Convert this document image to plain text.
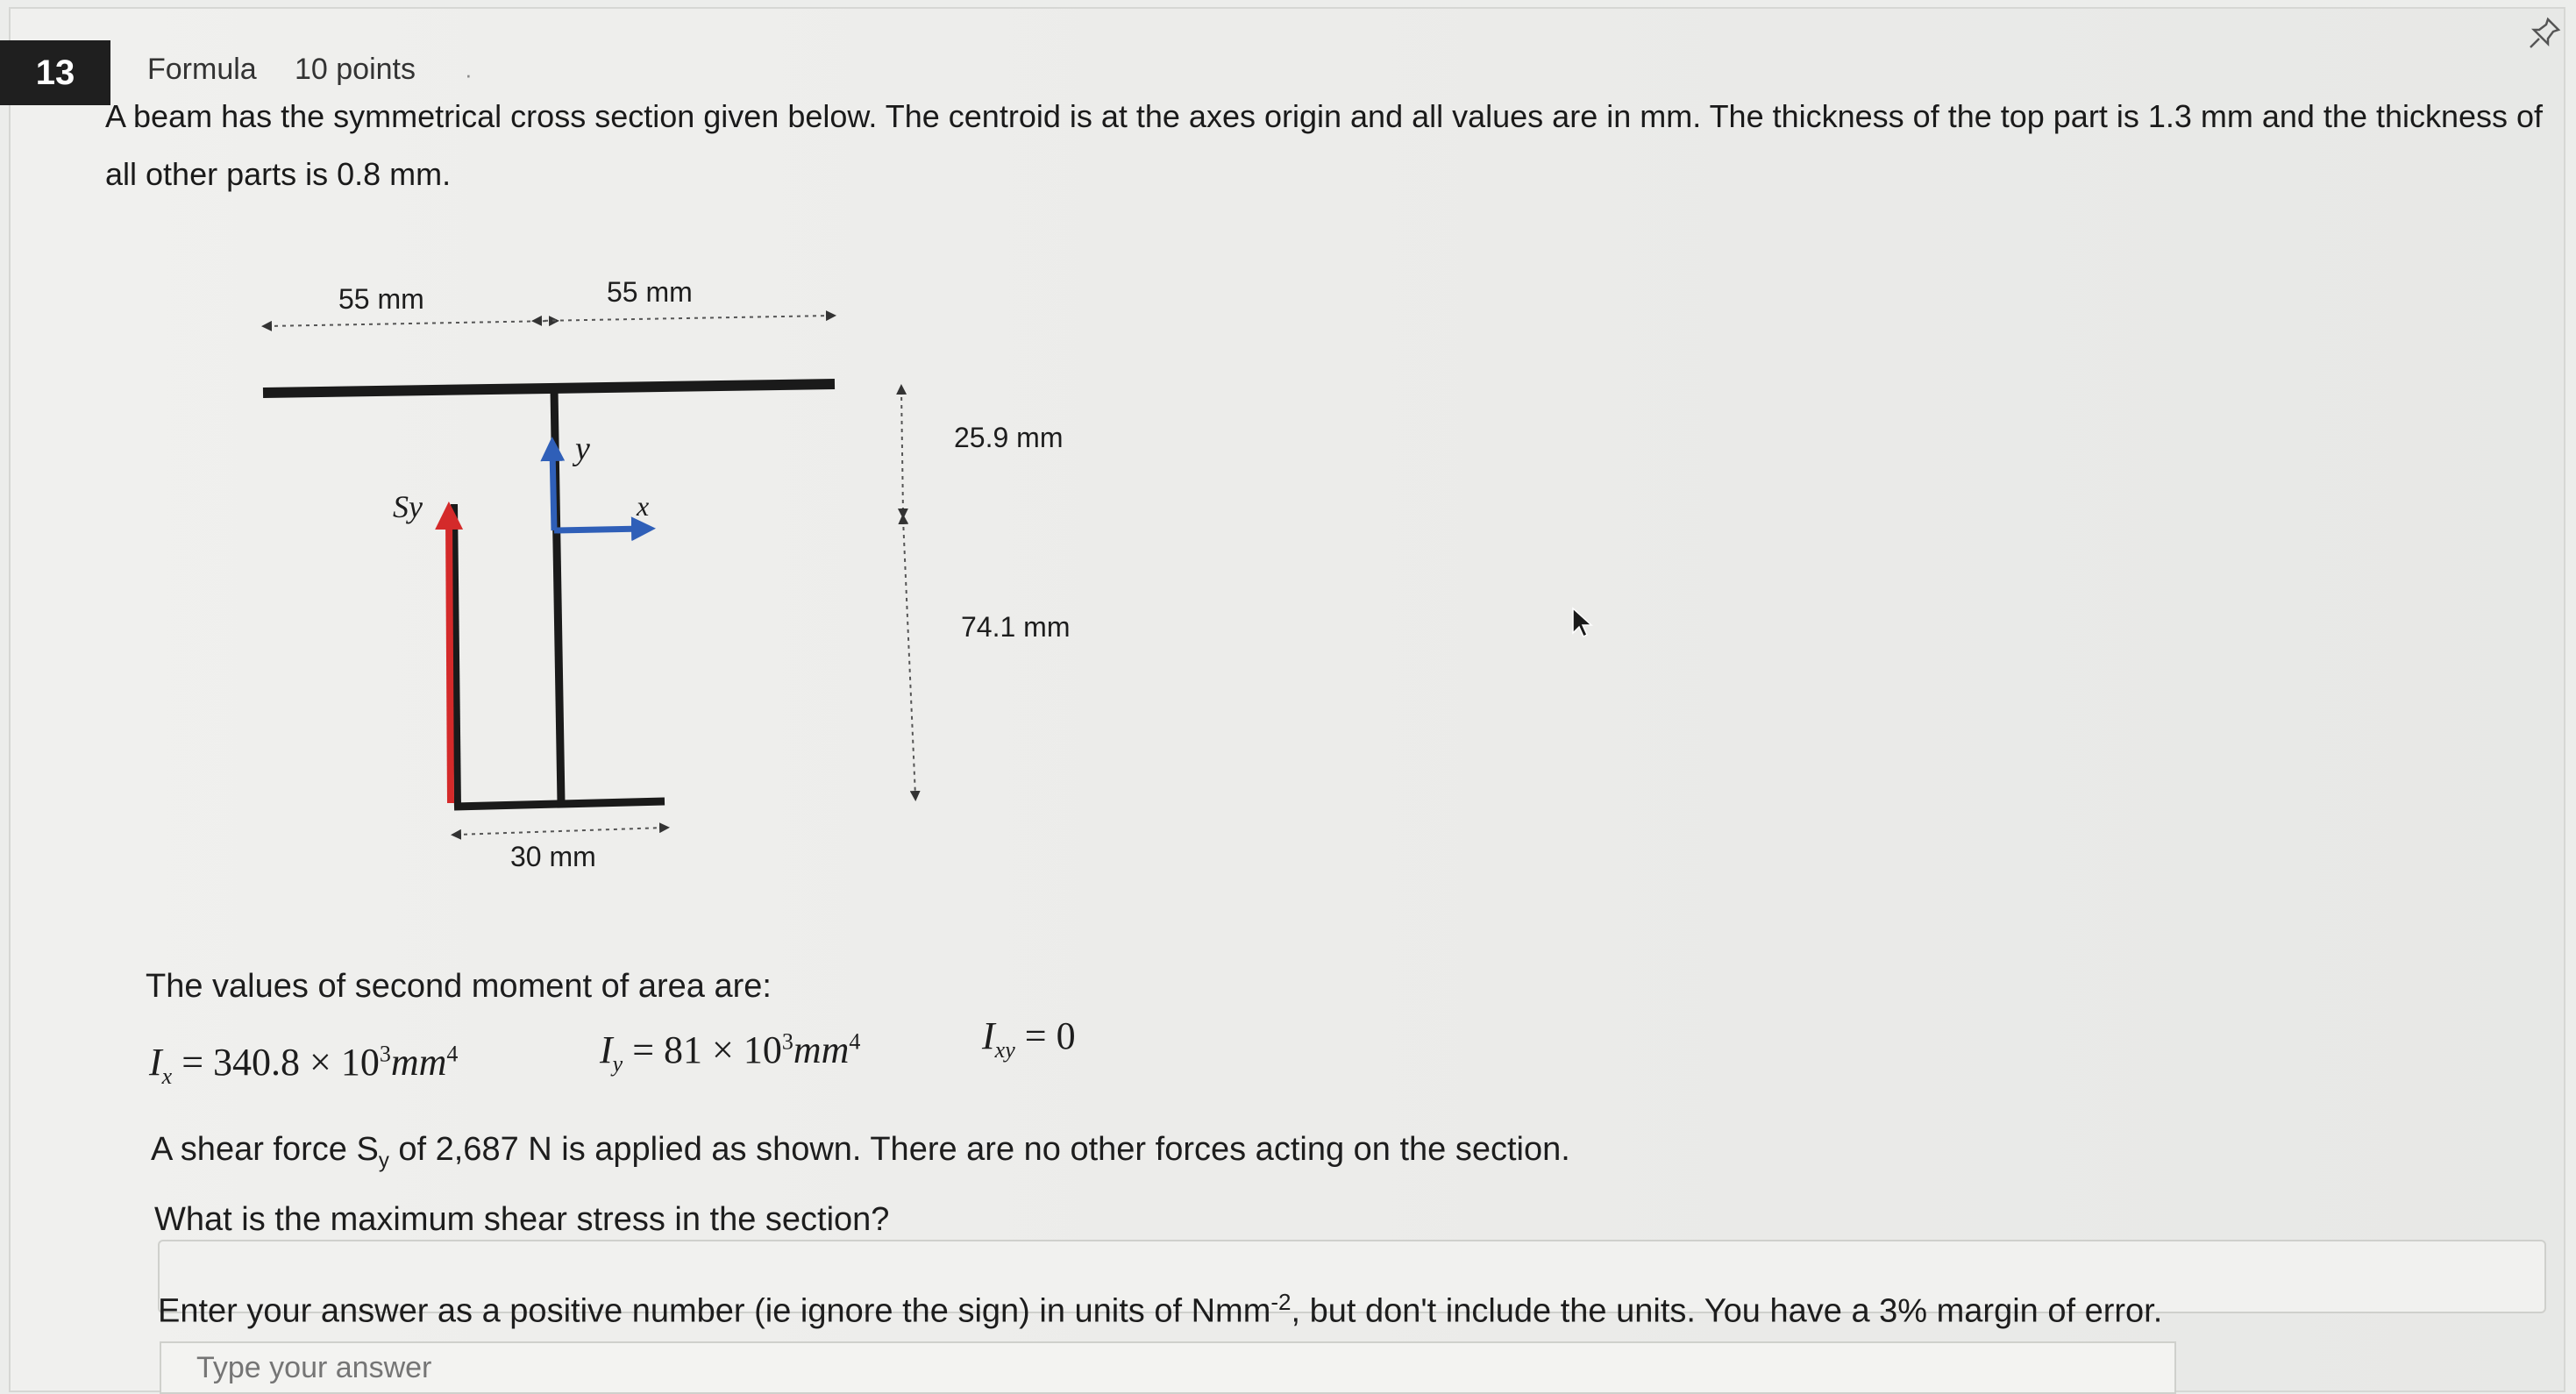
13	Formula 10 points ·
A beam has the symmetrical cross section given below. The centroid is at the axes origin and all values are in mm. The thickness of the top part is 1.3 mm and the thickness of all other parts is 0.8 mm.
55 mm	55 mm
Sy
y
x
25.9 mm
74.1 mm
30 mm
The values of second moment of area are:
$I_x = 340.8 \times 10^3mm^4$	$I_y = 81 \times 10^3mm^4$	$I_{xy} = 0$
A shear force $S_y$ of 2,687 N is applied as shown. There are no other forces acting on the section.
What is the maximum shear stress in the section?
Enter your answer as a positive number (ie ignore the sign) in units of Nmm$^{-2}$, but don't include the units. You have a 3% margin of error.
Type your answer
